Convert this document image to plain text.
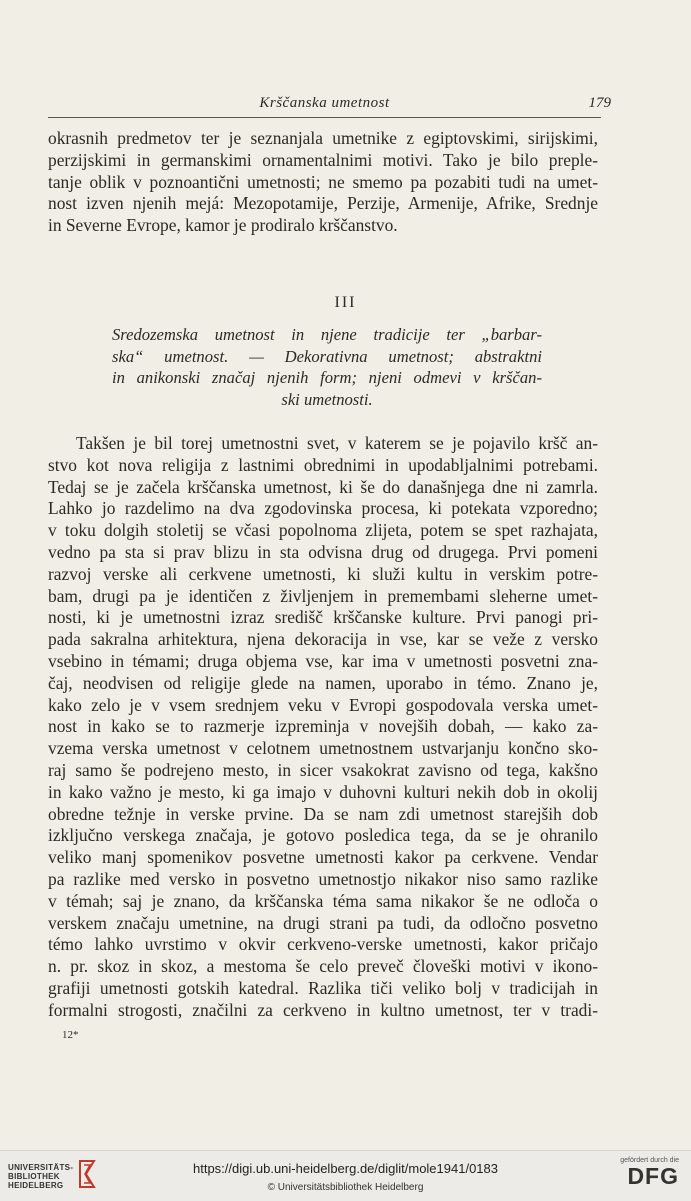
Krščanska umetnost	179
okrasnih predmetov ter je seznanjala umetnike z egiptovskimi, sirijskimi,
perzijskimi in germanskimi ornamentalnimi motivi. Tako je bilo preple-
tanje oblik v poznoantični umetnosti; ne smemo pa pozabiti tudi na umet-
nost izven njenih mejá: Mezopotamije, Perzije, Armenije, Afrike, Srednje
in Severne Evrope, kamor je prodiralo krščanstvo.
III
Sredozemska umetnost in njene tradicije ter „barbar-
ska“ umetnost. — Dekorativna umetnost; abstraktni
in anikonski značaj njenih form; njeni odmevi v krščan-
ski umetnosti.
Takšen je bil torej umetnostni svet, v katerem se je pojavilo kršč an-
stvo kot nova religija z lastnimi obrednimi in upodabljalnimi potrebami.
Tedaj se je začela krščanska umetnost, ki še do današnjega dne ni zamrla.
Lahko jo razdelimo na dva zgodovinska procesa, ki potekata vzporedno;
v toku dolgih stoletij se včasi popolnoma zlijeta, potem se spet razhajata,
vedno pa sta si prav blizu in sta odvisna drug od drugega. Prvi pomeni
razvoj verske ali cerkvene umetnosti, ki služi kultu in verskim potre-
bam, drugi pa je identičen z življenjem in premembami sleherne umet-
nosti, ki je umetnostni izraz središč krščanske kulture. Prvi panogi pri-
pada sakralna arhitektura, njena dekoracija in vse, kar se veže z versko
vsebino in témami; druga objema vse, kar ima v umetnosti posvetni zna-
čaj, neodvisen od religije glede na namen, uporabo in témo. Znano je,
kako zelo je v vsem srednjem veku v Evropi gospodovala verska umet-
nost in kako se to razmerje izpreminja v novejših dobah, — kako za-
vzema verska umetnost v celotnem umetnostnem ustvarjanju končno sko-
raj samo še podrejeno mesto, in sicer vsakokrat zavisno od tega, kakšno
in kako važno je mesto, ki ga imajo v duhovni kulturi nekih dob in okolij
obredne težnje in verske prvine. Da se nam zdi umetnost starejših dob
izključno verskega značaja, je gotovo posledica tega, da se je ohranilo
veliko manj spomenikov posvetne umetnosti kakor pa cerkvene. Vendar
pa razlike med versko in posvetno umetnostjo nikakor niso samo razlike
v témah; saj je znano, da krščanska téma sama nikakor še ne odloča o
verskem značaju umetnine, na drugi strani pa tudi, da odločno posvetno
témo lahko uvrstimo v okvir cerkveno-verske umetnosti, kakor pričajo
n. pr. skoz in skoz, a mestoma še celo preveč človeški motivi v ikono-
grafiji umetnosti gotskih katedral. Razlika tiči veliko bolj v tradicijah in
formalni strogosti, značilni za cerkveno in kultno umetnost, ter v tradi-
12*
UNIVERSITÄTS-
BIBLIOTHEK
HEIDELBERG
https://digi.ub.uni-heidelberg.de/diglit/mole1941/0183
© Universitätsbibliothek Heidelberg
gefördert durch die
DFG
